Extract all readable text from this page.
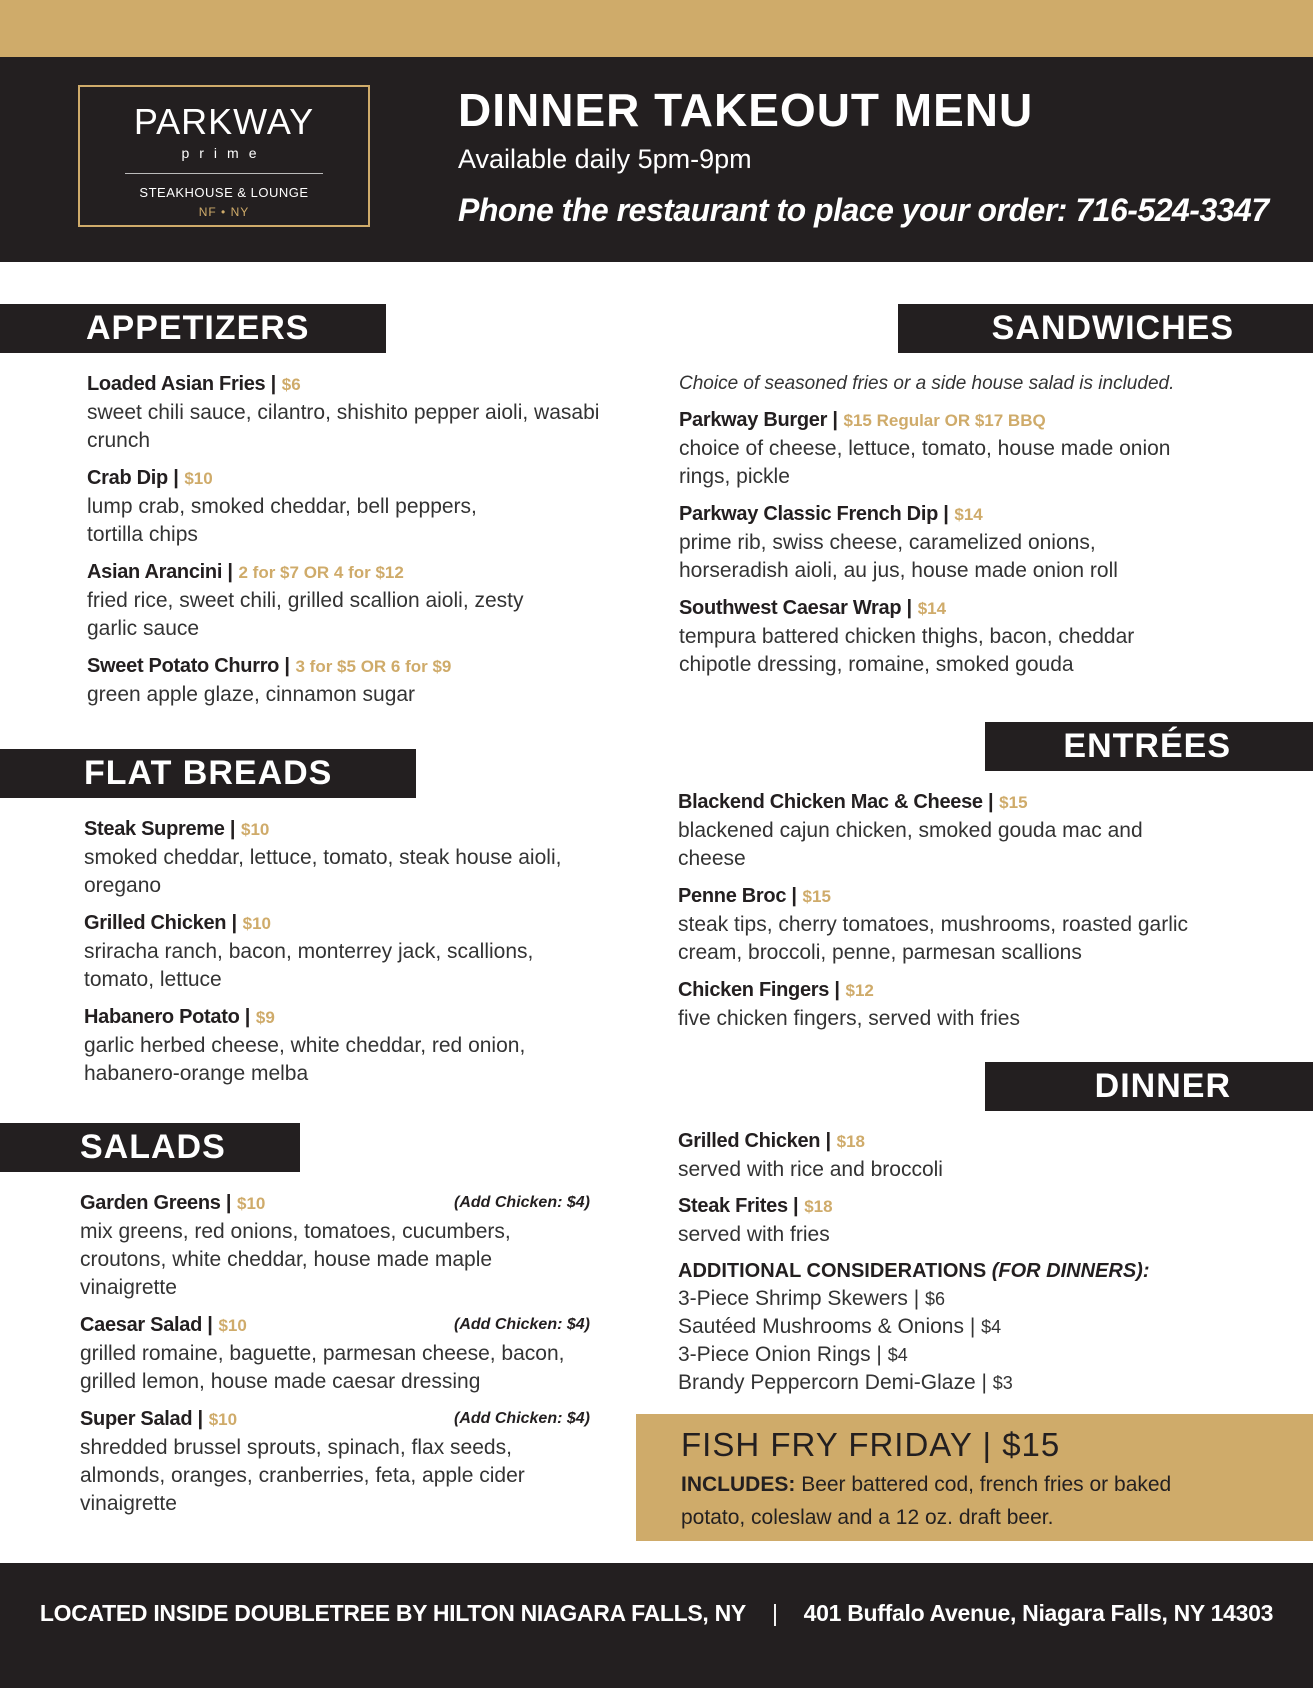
PARKWAY
prime
STEAKHOUSE & LOUNGE
NF • NY
DINNER TAKEOUT MENU
Available daily 5pm-9pm
Phone the restaurant to place your order: 716-524-3347
APPETIZERS
Loaded Asian Fries | $6
sweet chili sauce, cilantro, shishito pepper aioli, wasabi crunch
Crab Dip | $10
lump crab, smoked cheddar, bell peppers, tortilla chips
Asian Arancini | 2 for $7 OR 4 for $12
fried rice, sweet chili, grilled scallion aioli, zesty garlic sauce
Sweet Potato Churro | 3 for $5 OR 6 for $9
green apple glaze, cinnamon sugar
FLAT BREADS
Steak Supreme | $10
smoked cheddar, lettuce, tomato, steak house aioli, oregano
Grilled Chicken | $10
sriracha ranch, bacon, monterrey jack, scallions, tomato, lettuce
Habanero Potato | $9
garlic herbed cheese, white cheddar, red onion, habanero-orange melba
SALADS
(Add Chicken: $4)
Garden Greens | $10
mix greens, red onions, tomatoes, cucumbers, croutons, white cheddar, house made maple vinaigrette
(Add Chicken: $4)
Caesar Salad | $10
grilled romaine, baguette, parmesan cheese, bacon, grilled lemon, house made caesar dressing
(Add Chicken: $4)
Super Salad | $10
shredded brussel sprouts, spinach, flax seeds, almonds, oranges, cranberries, feta, apple cider vinaigrette
SANDWICHES
Choice of seasoned fries or a side house salad is included.
Parkway Burger | $15 Regular OR $17 BBQ
choice of cheese, lettuce, tomato, house made onion rings, pickle
Parkway Classic French Dip | $14
prime rib, swiss cheese, caramelized onions, horseradish aioli, au jus, house made onion roll
Southwest Caesar Wrap | $14
tempura battered chicken thighs, bacon, cheddar chipotle dressing, romaine, smoked gouda
ENTRÉES
Blackend Chicken Mac & Cheese | $15
blackened cajun chicken, smoked gouda mac and cheese
Penne Broc | $15
steak tips, cherry tomatoes, mushrooms, roasted garlic cream, broccoli, penne, parmesan scallions
Chicken Fingers | $12
five chicken fingers, served with fries
DINNER
Grilled Chicken | $18
served with rice and broccoli
Steak Frites | $18
served with fries
ADDITIONAL CONSIDERATIONS (FOR DINNERS):
3-Piece Shrimp Skewers | $6
Sautéed Mushrooms & Onions | $4
3-Piece Onion Rings | $4
Brandy Peppercorn Demi-Glaze | $3
FISH FRY FRIDAY | $15
INCLUDES: Beer battered cod, french fries or baked potato, coleslaw and a 12 oz. draft beer.
LOCATED INSIDE DOUBLETREE BY HILTON NIAGARA FALLS, NY | 401 Buffalo Avenue, Niagara Falls, NY 14303
